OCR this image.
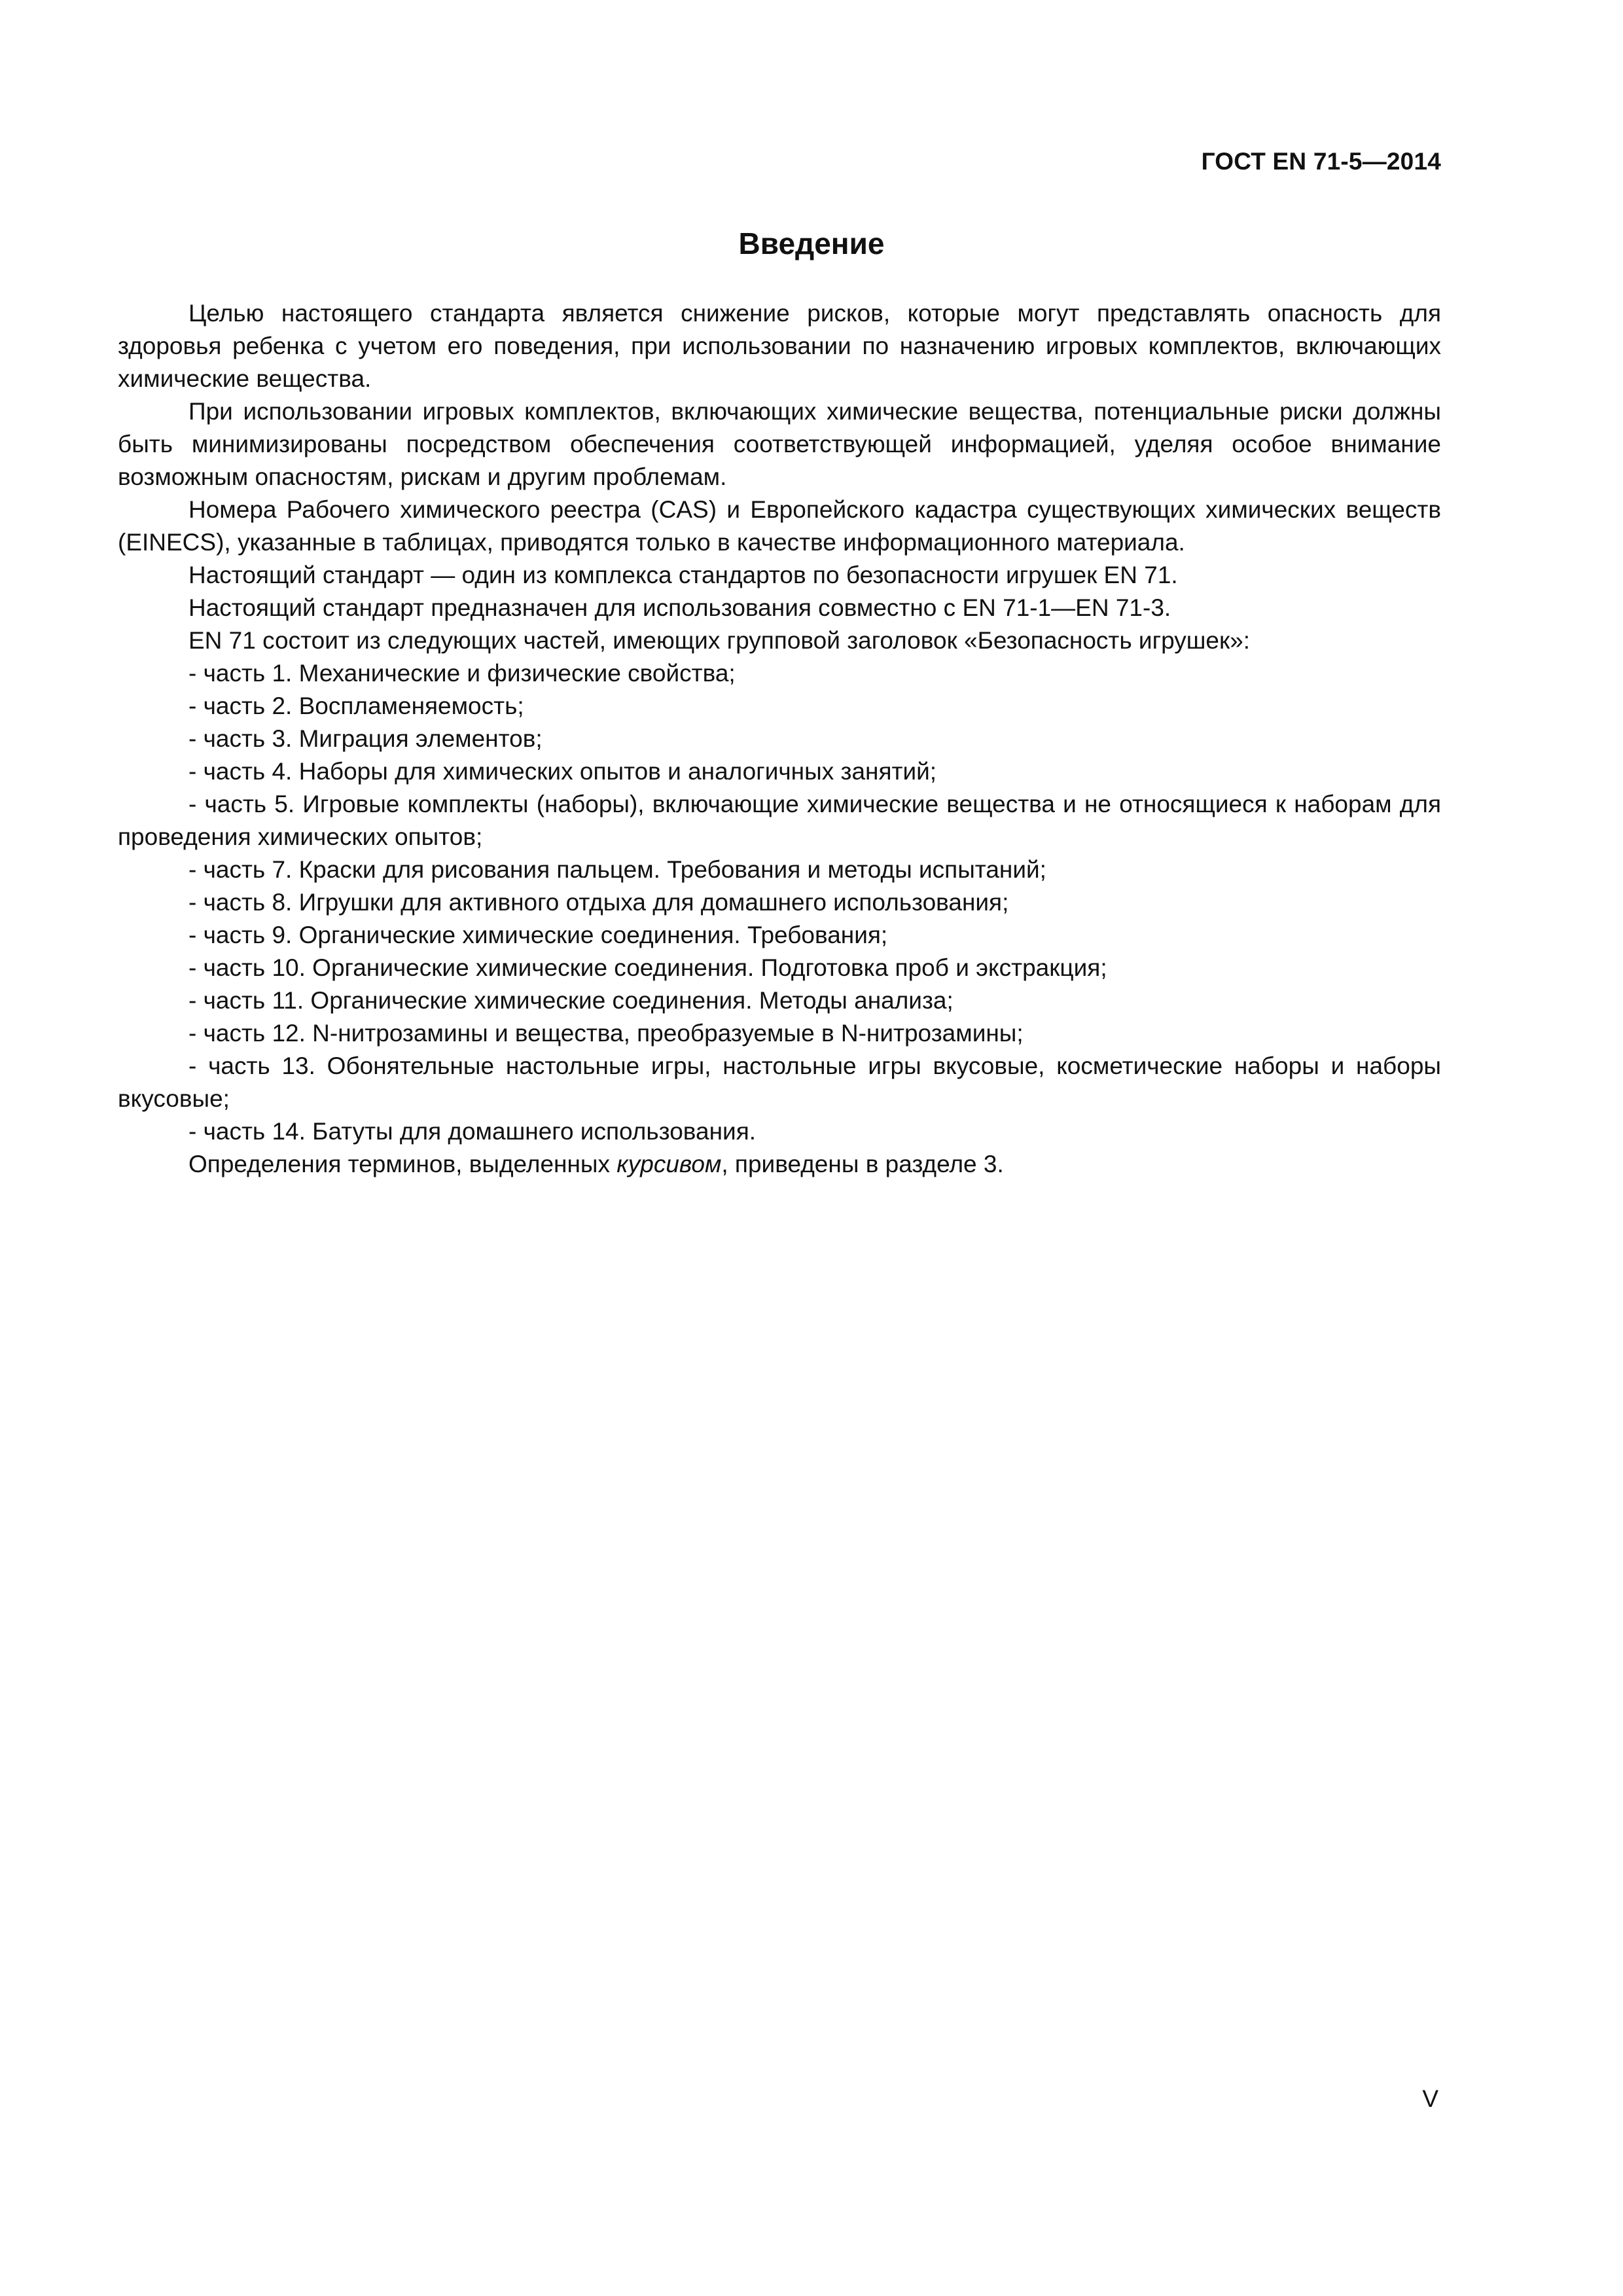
ГОСТ EN 71-5—2014
Введение

Целью настоящего стандарта является снижение рисков, которые могут представлять опасность для здоровья ребенка с учетом его поведения, при использовании по назначению игровых комплектов, включающих химические вещества.

При использовании игровых комплектов, включающих химические вещества, потенциальные риски должны быть минимизированы посредством обеспечения соответствующей информацией, уделяя особое внимание возможным опасностям, рискам и другим проблемам.

Номера Рабочего химического реестра (CAS) и Европейского кадастра существующих химических веществ (EINECS), указанные в таблицах, приводятся только в качестве информационного материала.

Настоящий стандарт — один из комплекса стандартов по безопасности игрушек EN 71.

Настоящий стандарт предназначен для использования совместно с EN 71-1—EN 71-3.

EN 71 состоит из следующих частей, имеющих групповой заголовок «Безопасность игрушек»:

- часть 1. Механические и физические свойства;

- часть 2. Воспламеняемость;

- часть 3. Миграция элементов;

- часть 4. Наборы для химических опытов и аналогичных занятий;

- часть 5. Игровые комплекты (наборы), включающие химические вещества и не относящиеся к наборам для проведения химических опытов;

- часть 7. Краски для рисования пальцем. Требования и методы испытаний;

- часть 8. Игрушки для активного отдыха для домашнего использования;

- часть 9. Органические химические соединения. Требования;

- часть 10. Органические химические соединения. Подготовка проб и экстракция;

- часть 11. Органические химические соединения. Методы анализа;

- часть 12. N-нитрозамины и вещества, преобразуемые в N-нитрозамины;

- часть 13. Обонятельные настольные игры, настольные игры вкусовые, косметические наборы и наборы вкусовые;

- часть 14. Батуты для домашнего использования.

Определения терминов, выделенных курсивом, приведены в разделе 3.

V
